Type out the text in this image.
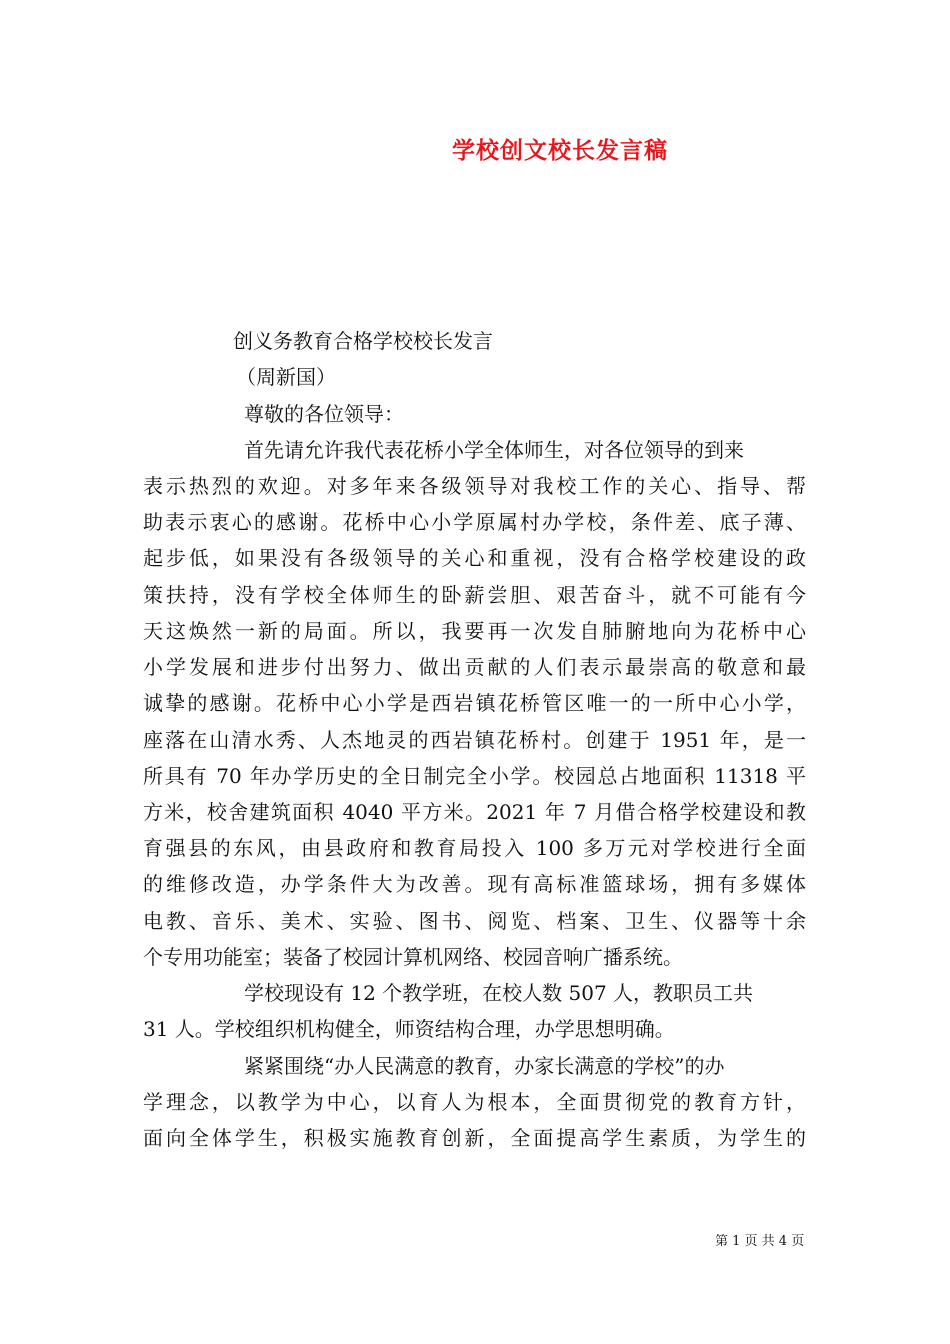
学校创文校长发言稿
创义务教育合格学校校长发言
（周新国）
尊敬的各位领导：
首先请允许我代表花桥小学全体师生，对各位领导的到来
表示热烈的欢迎。对多年来各级领导对我校工作的关心、指导、帮
助表示衷心的感谢。花桥中心小学原属村办学校，条件差、底子薄、
起步低，如果没有各级领导的关心和重视，没有合格学校建设的政
策扶持，没有学校全体师生的卧薪尝胆、艰苦奋斗，就不可能有今
天这焕然一新的局面。所以，我要再一次发自肺腑地向为花桥中心
小学发展和进步付出努力、做出贡献的人们表示最崇高的敬意和最
诚挚的感谢。花桥中心小学是西岩镇花桥管区唯一的一所中心小学，
座落在山清水秀、人杰地灵的西岩镇花桥村。创建于 1951 年，是一
所具有 70 年办学历史的全日制完全小学。校园总占地面积 11318 平
方米，校舍建筑面积 4040 平方米。2021 年 7 月借合格学校建设和教
育强县的东风，由县政府和教育局投入 100 多万元对学校进行全面
的维修改造，办学条件大为改善。现有高标准篮球场，拥有多媒体
电教、音乐、美术、实验、图书、阅览、档案、卫生、仪器等十余
个专用功能室；装备了校园计算机网络、校园音响广播系统。
学校现设有 12 个教学班，在校人数 507 人，教职员工共
31 人。学校组织机构健全，师资结构合理，办学思想明确。
紧紧围绕“办人民满意的教育，办家长满意的学校”的办
学理念，以教学为中心，以育人为根本，全面贯彻党的教育方针，
面向全体学生，积极实施教育创新，全面提高学生素质，为学生的
第 1 页 共 4 页
